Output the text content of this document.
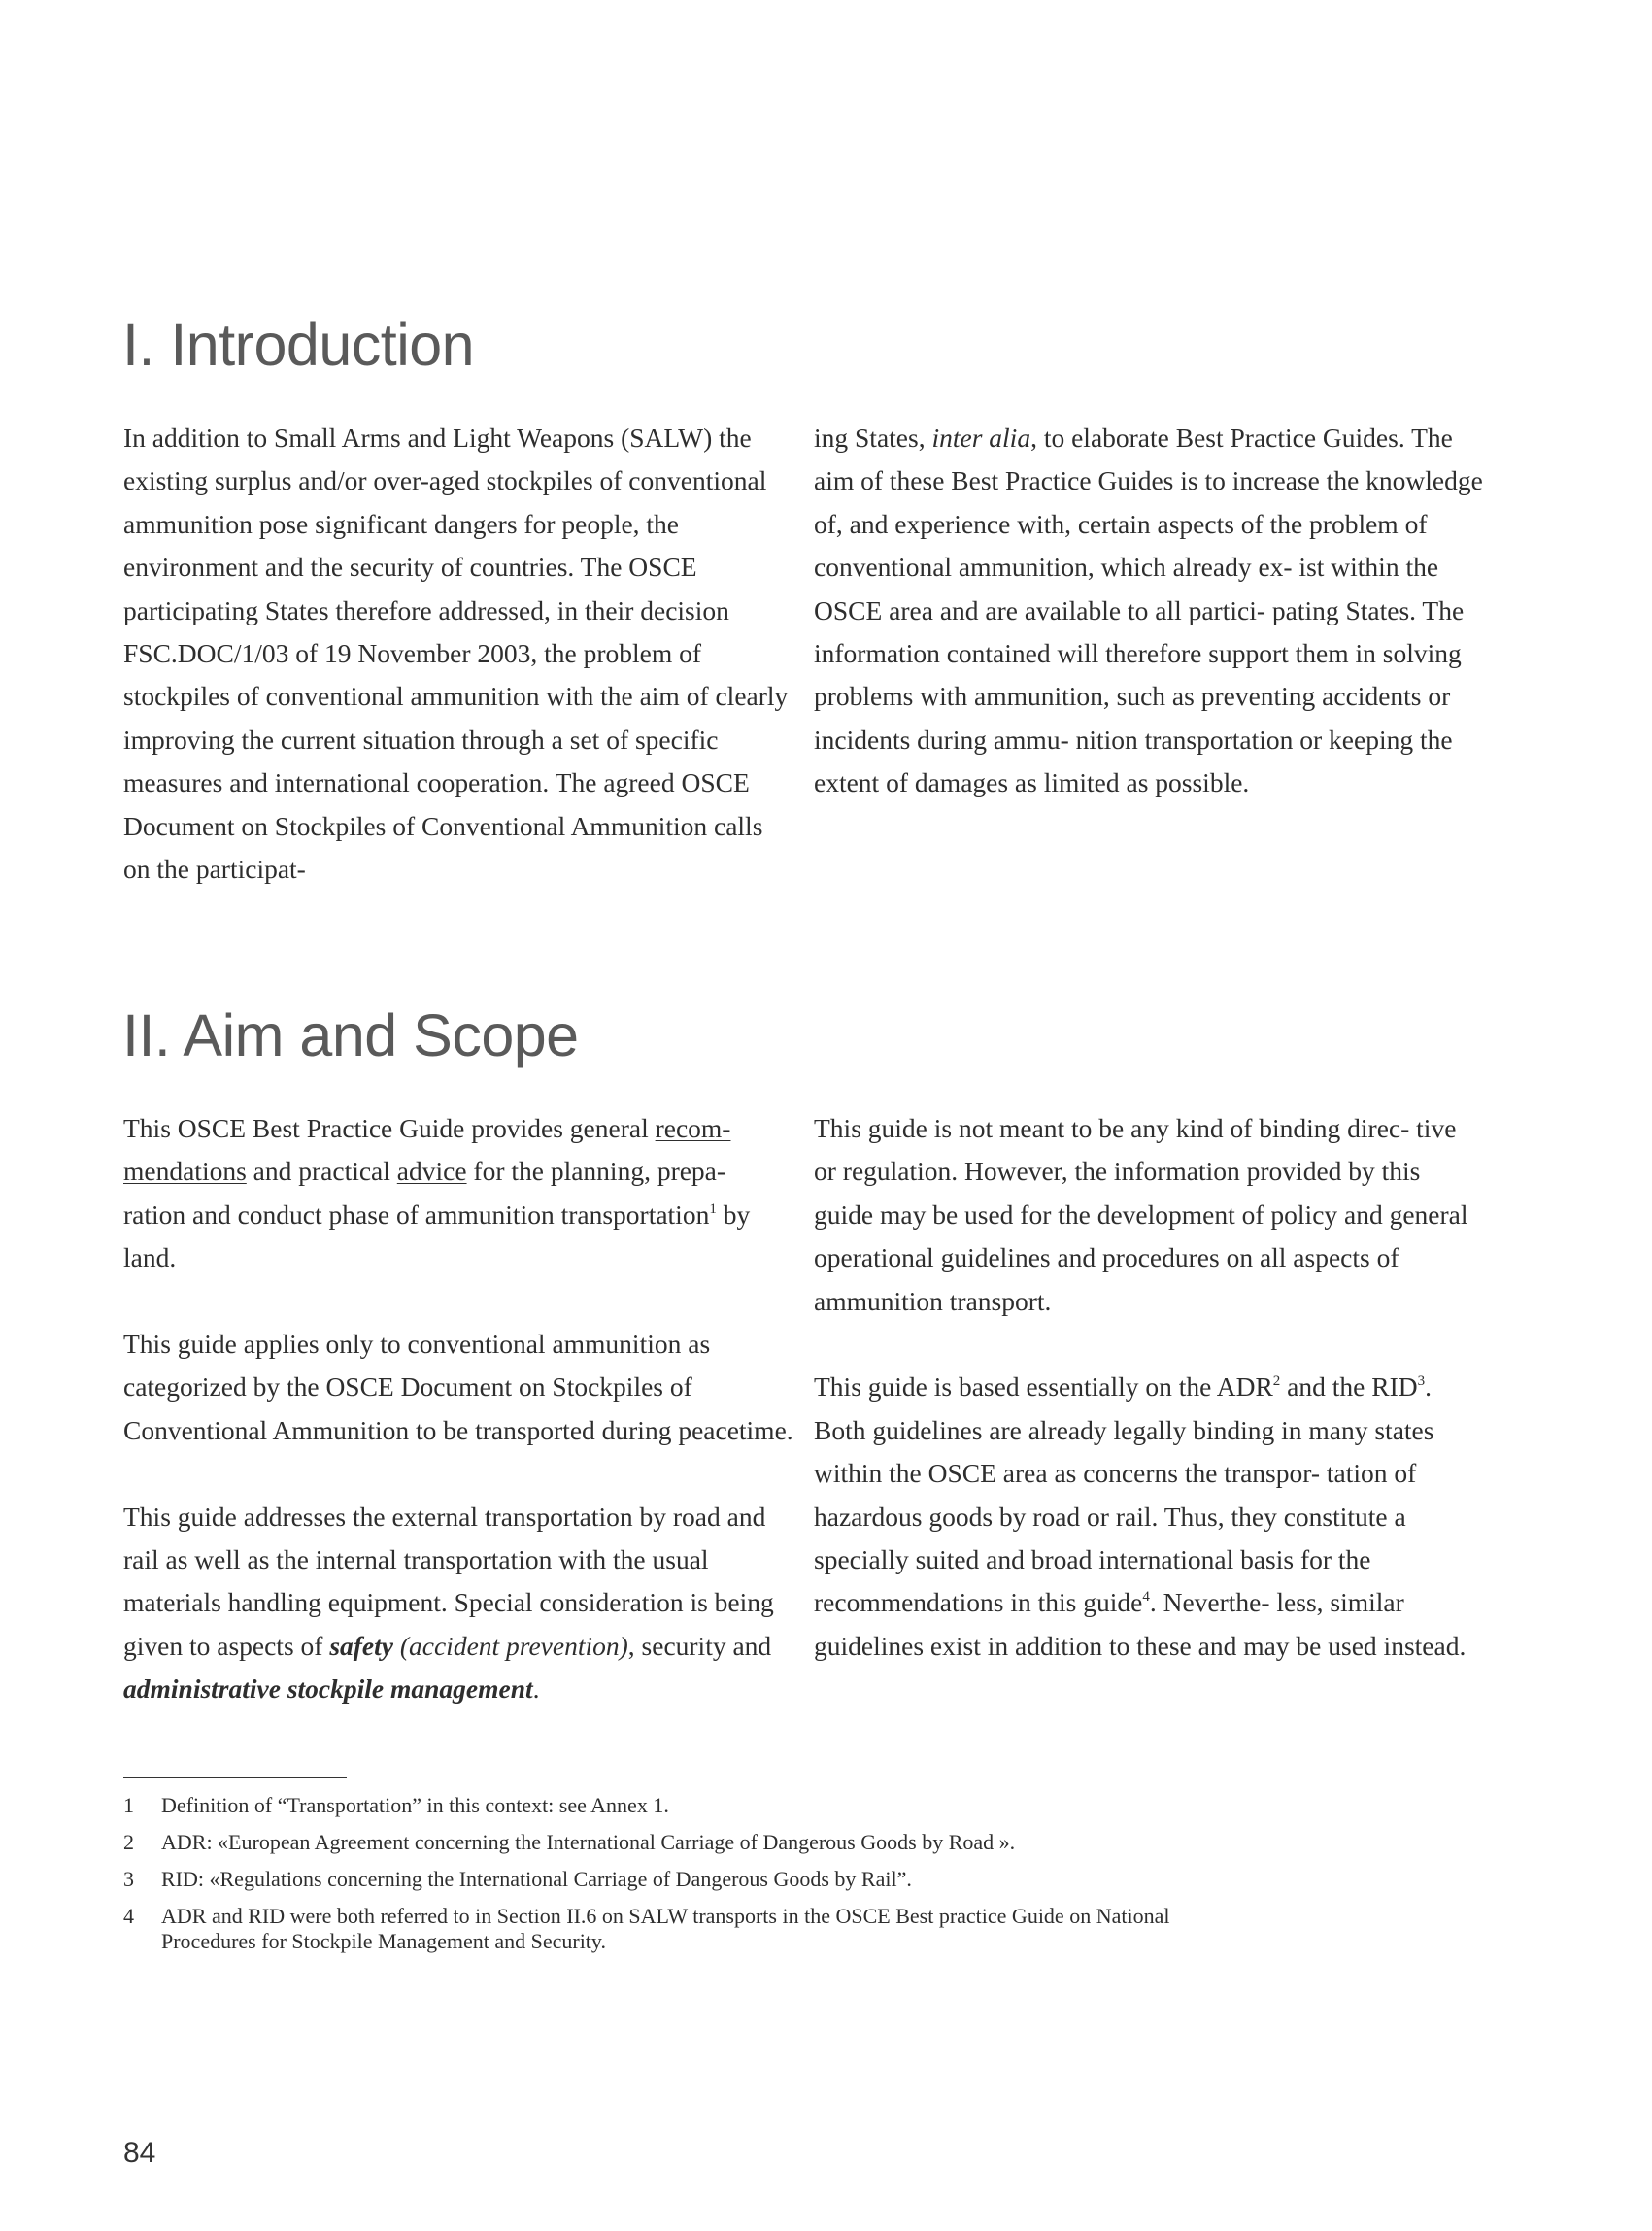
I. Introduction

In addition to Small Arms and Light Weapons (SALW) the existing surplus and/or over-aged stockpiles of conventional ammunition pose significant dangers for people, the environment and the security of countries. The OSCE participating States therefore addressed, in their decision FSC.DOC/1/03 of 19 November 2003, the problem of stockpiles of conventional ammunition with the aim of clearly improving the current situation through a set of specific measures and international cooperation. The agreed OSCE Document on Stockpiles of Conventional Ammunition calls on the participat-

ing States, inter alia, to elaborate Best Practice Guides. The aim of these Best Practice Guides is to increase the knowledge of, and experience with, certain aspects of the problem of conventional ammunition, which already ex- ist within the OSCE area and are available to all partici- pating States. The information contained will therefore support them in solving problems with ammunition, such as preventing accidents or incidents during ammu- nition transportation or keeping the extent of damages as limited as possible.

II. Aim and Scope

This OSCE Best Practice Guide provides general recom- mendations and practical advice for the planning, prepa- ration and conduct phase of ammunition transportation$^1$ by land.

This guide applies only to conventional ammunition as categorized by the OSCE Document on Stockpiles of Conventional Ammunition to be transported during peacetime.

This guide addresses the external transportation by road and rail as well as the internal transportation with the usual materials handling equipment. Special consideration is being given to aspects of safety (accident prevention), security and administrative stockpile management.

This guide is not meant to be any kind of binding direc- tive or regulation. However, the information provided by this guide may be used for the development of policy and general operational guidelines and procedures on all aspects of ammunition transport.

This guide is based essentially on the ADR$^2$ and the RID$^3$. Both guidelines are already legally binding in many states within the OSCE area as concerns the transpor- tation of hazardous goods by road or rail. Thus, they constitute a specially suited and broad international basis for the recommendations in this guide$^4$. Neverthe- less, similar guidelines exist in addition to these and may be used instead.

1	Definition of “Transportation” in this context: see Annex 1.
2	ADR: «European Agreement concerning the International Carriage of Dangerous Goods by Road ».
3	RID: «Regulations concerning the International Carriage of Dangerous Goods by Rail”.
4	ADR and RID were both referred to in Section II.6 on SALW transports in the OSCE Best practice Guide on National Procedures for Stockpile Management and Security.
84
